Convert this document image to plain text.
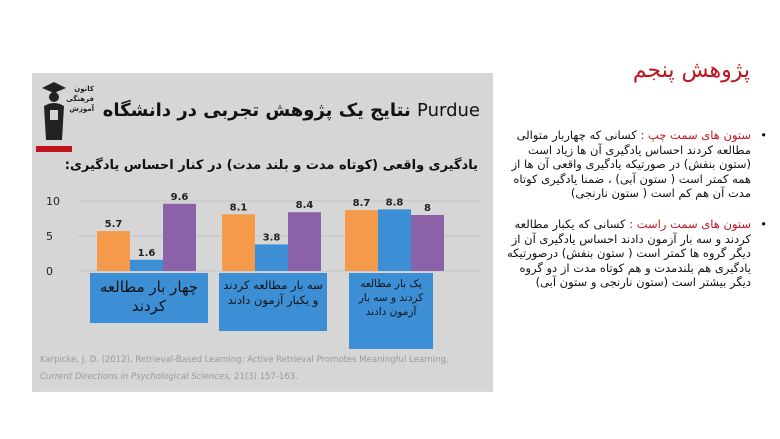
پژوهش پنجم
کانون
فرهنگی
آموزش نتایج یک پژوهش تجربی در دانشگاه Purdue
یادگیری واقعی (کوتاه مدت و بلند مدت) در کنار احساس یادگیری:
0
5
10
5.7
1.6
9.6
8.1
3.8
8.4	8.7 8.8
8
چهار بار مطالعه کردند
سه بار مطالعه کردند و یکبار آزمون دادند
یک بار مطالعه کردند و سه بار آزمون دادند
Karpicke, J. D. (2012), Retrieval-Based Learning: Active Retrieval Promotes Meaningful Learning,
Current Directions in Psychological Sciences, 21(3) 157-163.
•
ستون های سمت چپ : کسانی که چهاربار متوالی مطالعه کردند احساس یادگیری آن ها زیاد است (ستون بنفش) در صورتیکه یادگیری واقعی آن ها از همه کمتر است ( ستون آبی) ، ضمنا یادگیری کوتاه مدت آن هم کم است ( ستون نارنجی)
•
ستون های سمت راست : کسانی که یکبار مطالعه کردند و سه بار آزمون دادند احساس یادگیری آن از دیگر گروه ها کمتر است ( ستون بنفش) درصورتیکه یادگیری هم بلندمدت و هم کوتاه مدت از دو گروه دیگر بیشتر است (ستون نارنجی و ستون آبی)
